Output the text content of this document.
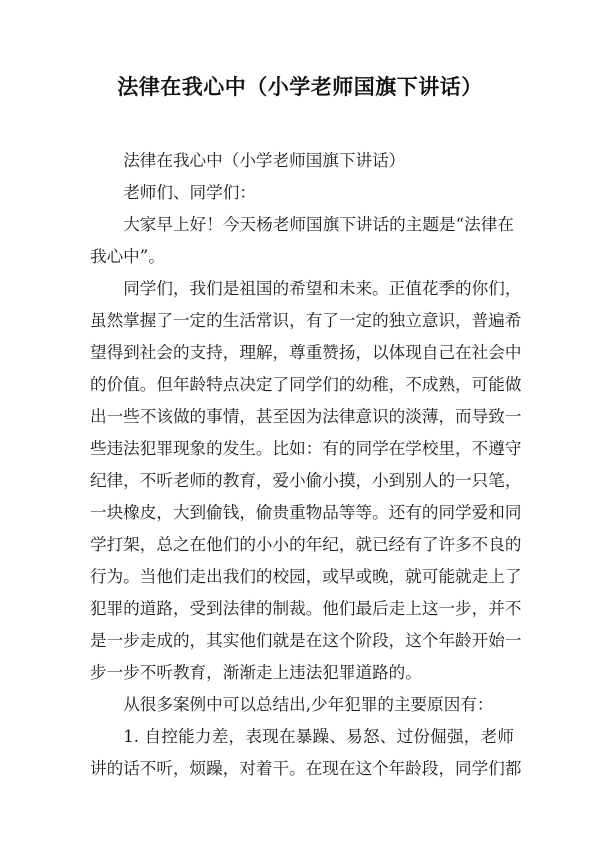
法律在我心中（小学老师国旗下讲话）
法律在我心中（小学老师国旗下讲话）
老师们、同学们：
大家早上好！今天杨老师国旗下讲话的主题是“法律在
我心中”。
同学们，我们是祖国的希望和未来。正值花季的你们，
虽然掌握了一定的生活常识，有了一定的独立意识，普遍希
望得到社会的支持，理解，尊重赞扬，以体现自己在社会中
的价值。但年龄特点决定了同学们的幼稚，不成熟，可能做
出一些不该做的事情，甚至因为法律意识的淡薄，而导致一
些违法犯罪现象的发生。比如：有的同学在学校里，不遵守
纪律，不听老师的教育，爱小偷小摸，小到别人的一只笔，
一块橡皮，大到偷钱，偷贵重物品等等。还有的同学爱和同
学打架，总之在他们的小小的年纪，就已经有了许多不良的
行为。当他们走出我们的校园，或早或晚，就可能就走上了
犯罪的道路，受到法律的制裁。他们最后走上这一步，并不
是一步走成的，其实他们就是在这个阶段，这个年龄开始一
步一步不听教育，渐渐走上违法犯罪道路的。
从很多案例中可以总结出,少年犯罪的主要原因有：
1. 自控能力差，表现在暴躁、易怒、过份倔强，老师
讲的话不听，烦躁，对着干。在现在这个年龄段，同学们都
